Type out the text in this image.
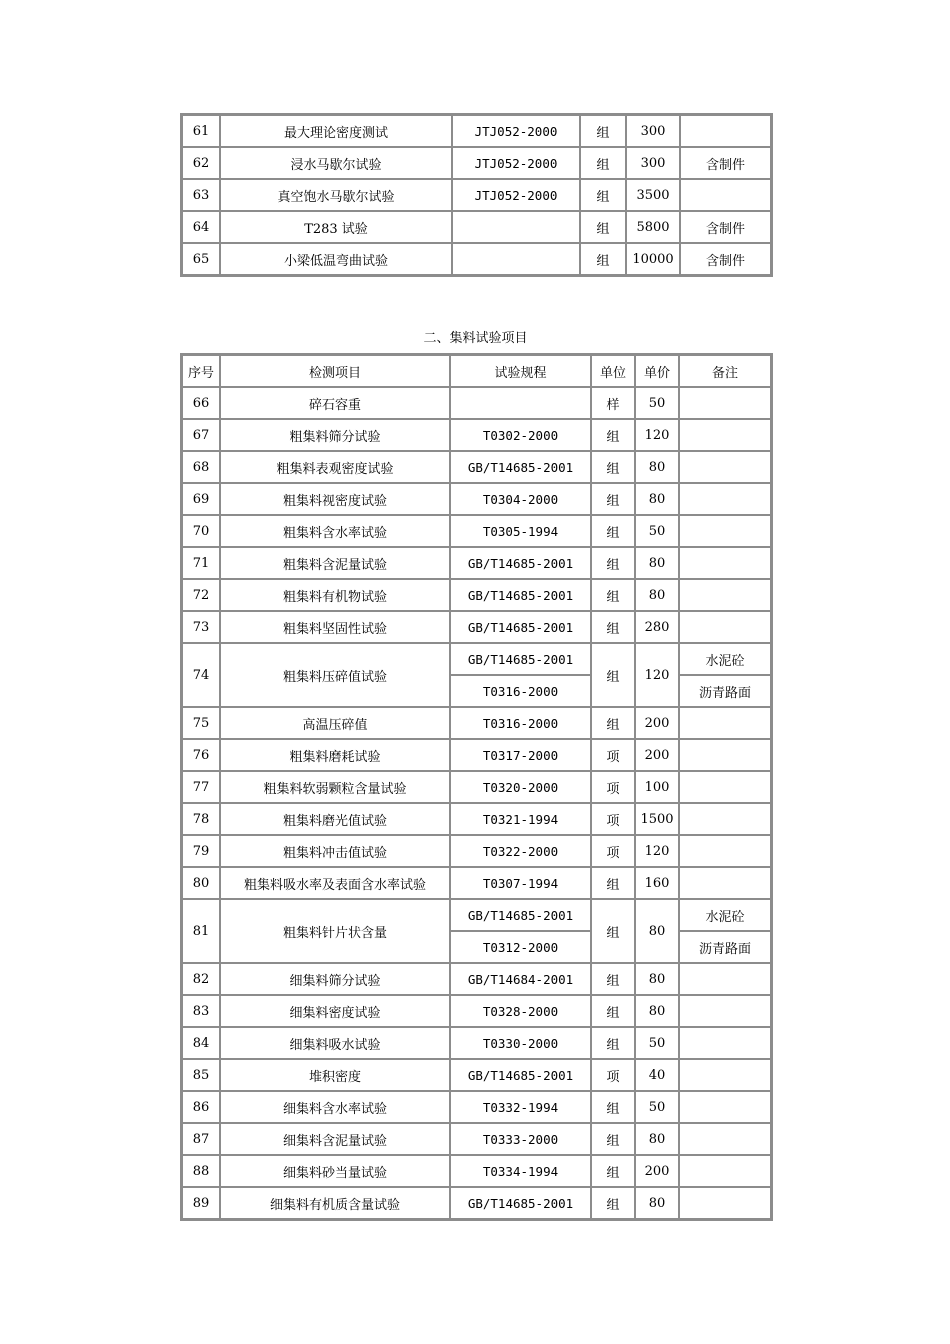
61	最大理论密度测试	JTJ052-2000	组	300	
62	浸水马歇尔试验	JTJ052-2000	组	300	含制件
63	真空饱水马歇尔试验	JTJ052-2000	组	3500	
64	T283 试验		组	5800	含制件
65	小梁低温弯曲试验		组	10000	含制件
二、集料试验项目
序号	检测项目	试验规程	单位	单价	备注
66	碎石容重		样	50	
67	粗集料筛分试验	T0302-2000	组	120	
68	粗集料表观密度试验	GB/T14685-2001	组	80	
69	粗集料视密度试验	T0304-2000	组	80	
70	粗集料含水率试验	T0305-1994	组	50	
71	粗集料含泥量试验	GB/T14685-2001	组	80	
72	粗集料有机物试验	GB/T14685-2001	组	80	
73	粗集料坚固性试验	GB/T14685-2001	组	280	
74	粗集料压碎值试验	GB/T14685-2001	组	120	水泥砼
		T0316-2000			沥青路面
75	高温压碎值	T0316-2000	组	200	
76	粗集料磨耗试验	T0317-2000	项	200	
77	粗集料软弱颗粒含量试验	T0320-2000	项	100	
78	粗集料磨光值试验	T0321-1994	项	1500	
79	粗集料冲击值试验	T0322-2000	项	120	
80	粗集料吸水率及表面含水率试验	T0307-1994	组	160	
81	粗集料针片状含量	GB/T14685-2001	组	80	水泥砼
		T0312-2000			沥青路面
82	细集料筛分试验	GB/T14684-2001	组	80	
83	细集料密度试验	T0328-2000	组	80	
84	细集料吸水试验	T0330-2000	组	50	
85	堆积密度	GB/T14685-2001	项	40	
86	细集料含水率试验	T0332-1994	组	50	
87	细集料含泥量试验	T0333-2000	组	80	
88	细集料砂当量试验	T0334-1994	组	200	
89	细集料有机质含量试验	GB/T14685-2001	组	80	
